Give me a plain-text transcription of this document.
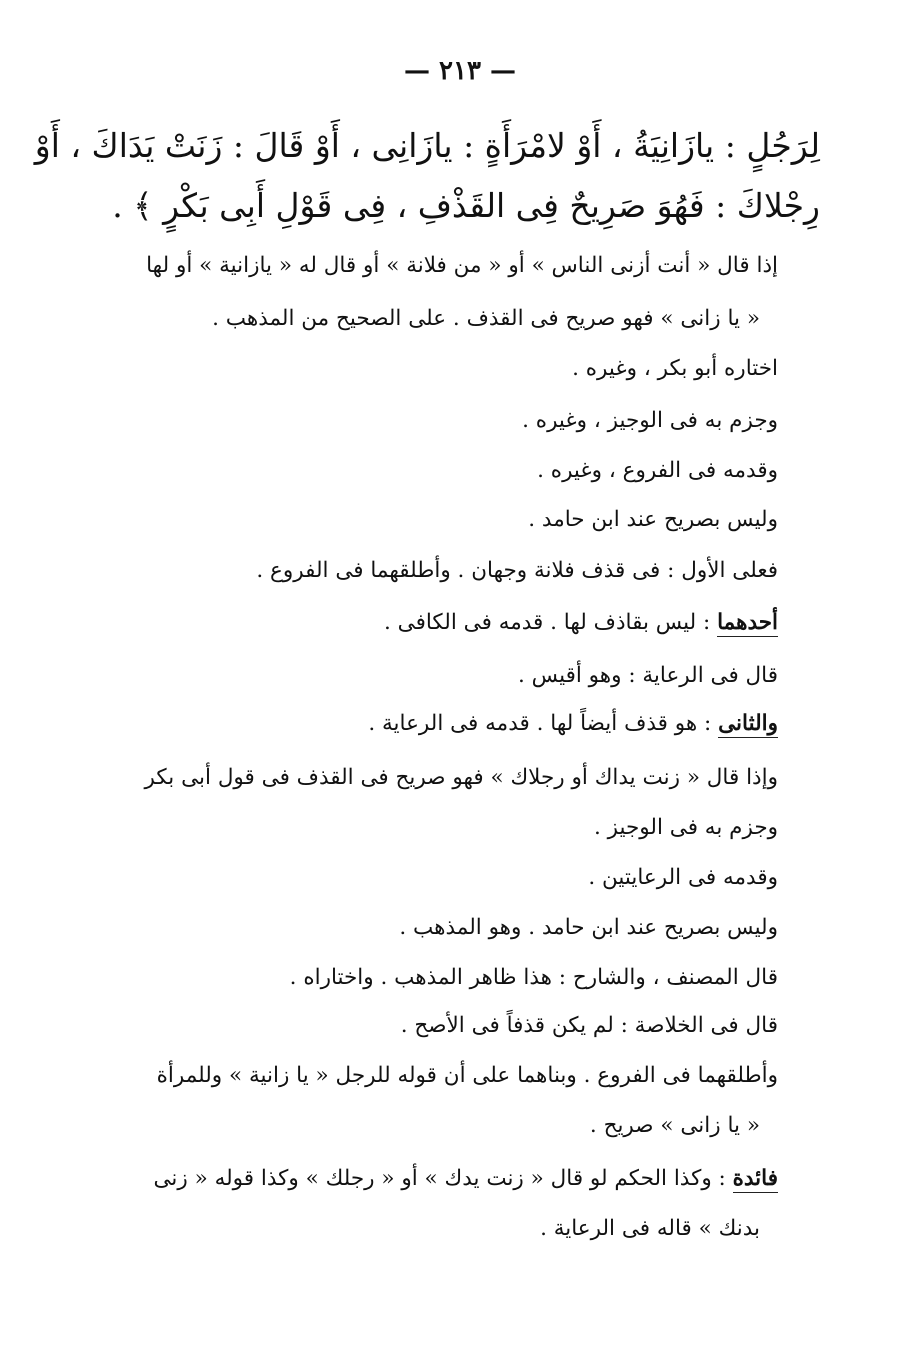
— ٢١٣ —
لِرَجُلٍ : يازَانِيَةُ ، أَوْ لامْرَأَةٍ : يازَانِى ، أَوْ قَالَ : زَنَتْ يَدَاكَ ، أَوْ
رِجْلاكَ : فَهُوَ صَرِيحٌ فِى القَذْفِ ، فِى قَوْلِ أَبِى بَكْرٍ ﴾ .
إذا قال « أنت أزنى الناس » أو « من فلانة » أو قال له « يازانية » أو لها
« يا زانى » فهو صريح فى القذف . على الصحيح من المذهب .
اختاره أبو بكر ، وغيره .
وجزم به فى الوجيز ، وغيره .
وقدمه فى الفروع ، وغيره .
وليس بصريح عند ابن حامد .
فعلى الأول : فى قذف فلانة وجهان . وأطلقهما فى الفروع .
أحدهما : ليس بقاذف لها . قدمه فى الكافى .
قال فى الرعاية : وهو أقيس .
والثانى : هو قذف أيضاً لها . قدمه فى الرعاية .
وإذا قال « زنت يداك أو رجلاك » فهو صريح فى القذف فى قول أبى بكر
وجزم به فى الوجيز .
وقدمه فى الرعايتين .
وليس بصريح عند ابن حامد . وهو المذهب .
قال المصنف ، والشارح : هذا ظاهر المذهب . واختاراه .
قال فى الخلاصة : لم يكن قذفاً فى الأصح .
وأطلقهما فى الفروع . وبناهما على أن قوله للرجل « يا زانية » وللمرأة
« يا زانى » صريح .
فائدة : وكذا الحكم لو قال « زنت يدك » أو « رجلك » وكذا قوله « زنى
بدنك » قاله فى الرعاية .
